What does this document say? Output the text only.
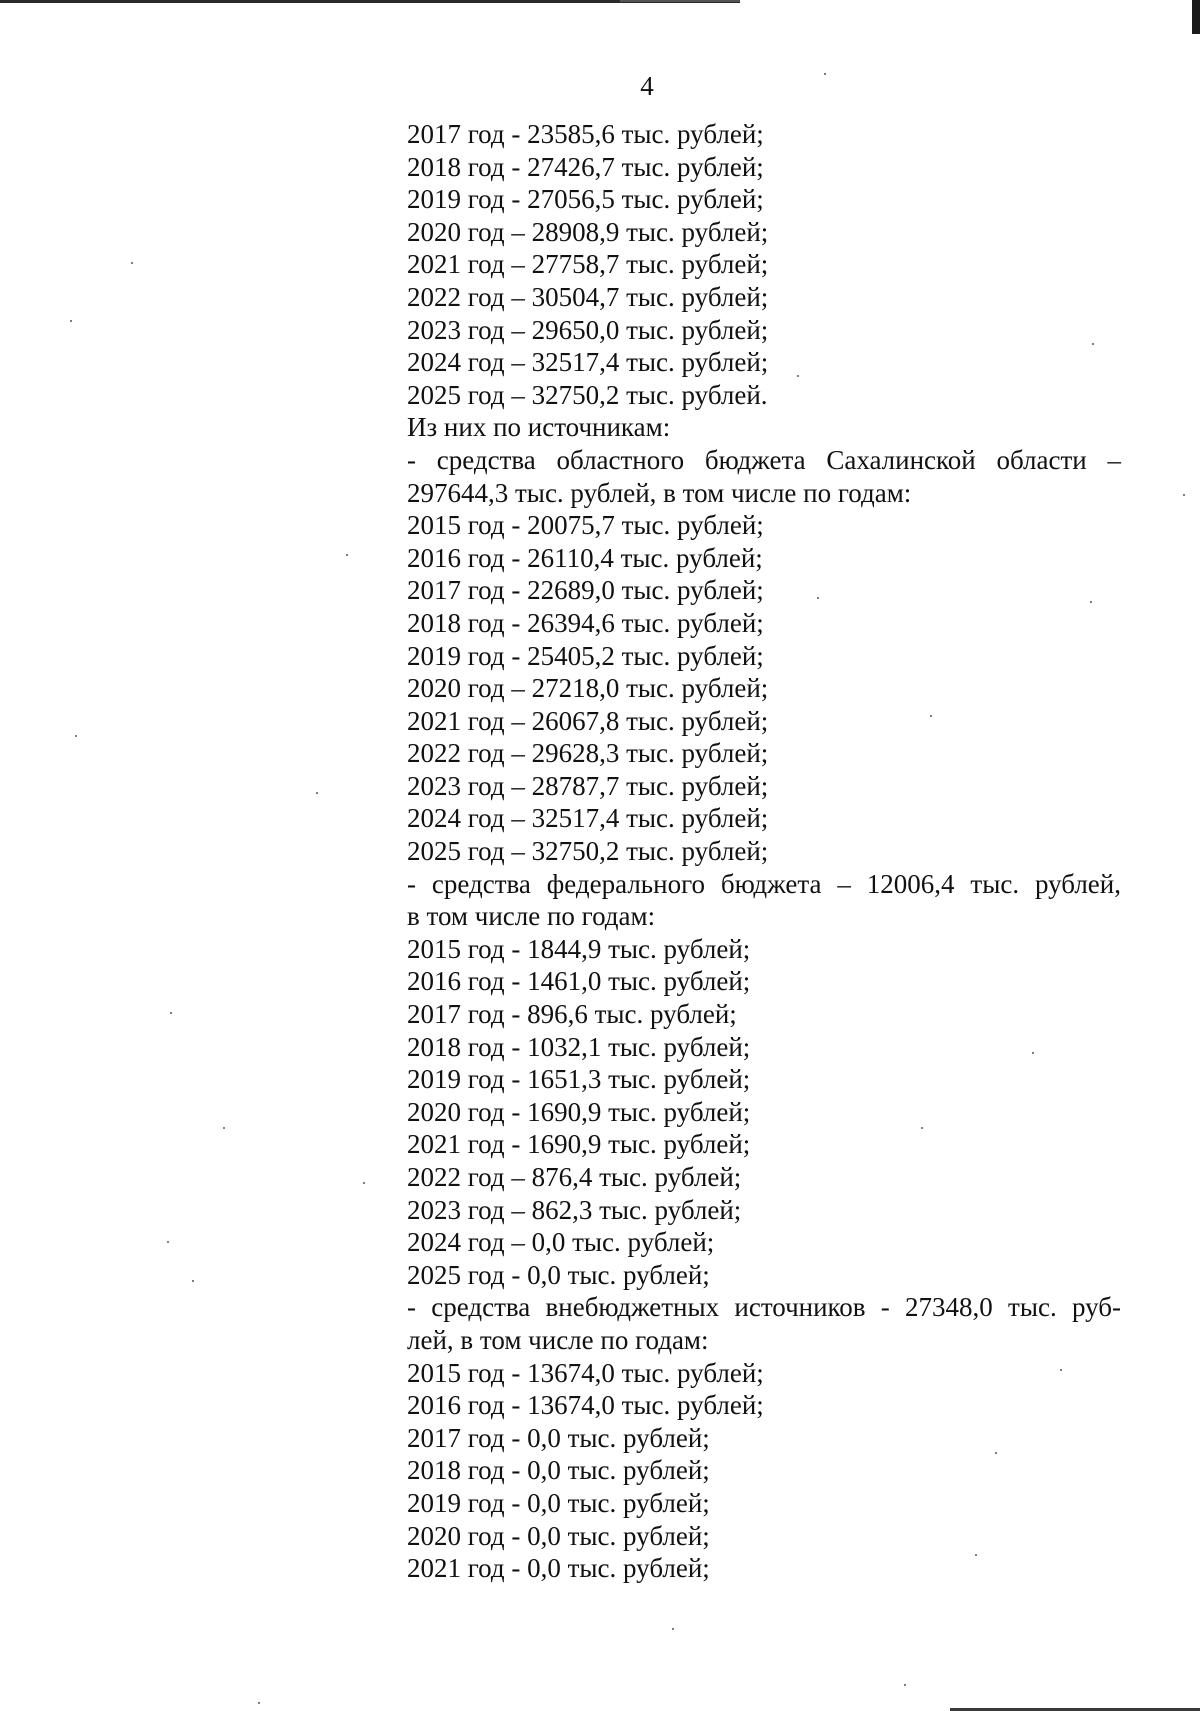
4
2017 год - 23585,6 тыс. рублей;
2018 год - 27426,7 тыс. рублей;
2019 год - 27056,5 тыс. рублей;
2020 год – 28908,9 тыс. рублей;
2021 год – 27758,7 тыс. рублей;
2022 год – 30504,7 тыс. рублей;
2023 год – 29650,0 тыс. рублей;
2024 год – 32517,4 тыс. рублей;
2025 год – 32750,2 тыс. рублей.
Из них по источникам:
- средства областного бюджета Сахалинской области –
297644,3 тыс. рублей, в том числе по годам:
2015 год - 20075,7 тыс. рублей;
2016 год - 26110,4 тыс. рублей;
2017 год - 22689,0 тыс. рублей;
2018 год - 26394,6 тыс. рублей;
2019 год - 25405,2 тыс. рублей;
2020 год – 27218,0 тыс. рублей;
2021 год – 26067,8 тыс. рублей;
2022 год – 29628,3 тыс. рублей;
2023 год – 28787,7 тыс. рублей;
2024 год – 32517,4 тыс. рублей;
2025 год – 32750,2 тыс. рублей;
- средства федерального бюджета – 12006,4 тыс. рублей,
в том числе по годам:
2015 год - 1844,9 тыс. рублей;
2016 год - 1461,0 тыс. рублей;
2017 год - 896,6 тыс. рублей;
2018 год - 1032,1 тыс. рублей;
2019 год - 1651,3 тыс. рублей;
2020 год - 1690,9 тыс. рублей;
2021 год - 1690,9 тыс. рублей;
2022 год – 876,4 тыс. рублей;
2023 год – 862,3 тыс. рублей;
2024 год – 0,0 тыс. рублей;
2025 год - 0,0 тыс. рублей;
- средства внебюджетных источников - 27348,0 тыс. руб-
лей, в том числе по годам:
2015 год - 13674,0 тыс. рублей;
2016 год - 13674,0 тыс. рублей;
2017 год - 0,0 тыс. рублей;
2018 год - 0,0 тыс. рублей;
2019 год - 0,0 тыс. рублей;
2020 год - 0,0 тыс. рублей;
2021 год - 0,0 тыс. рублей;
